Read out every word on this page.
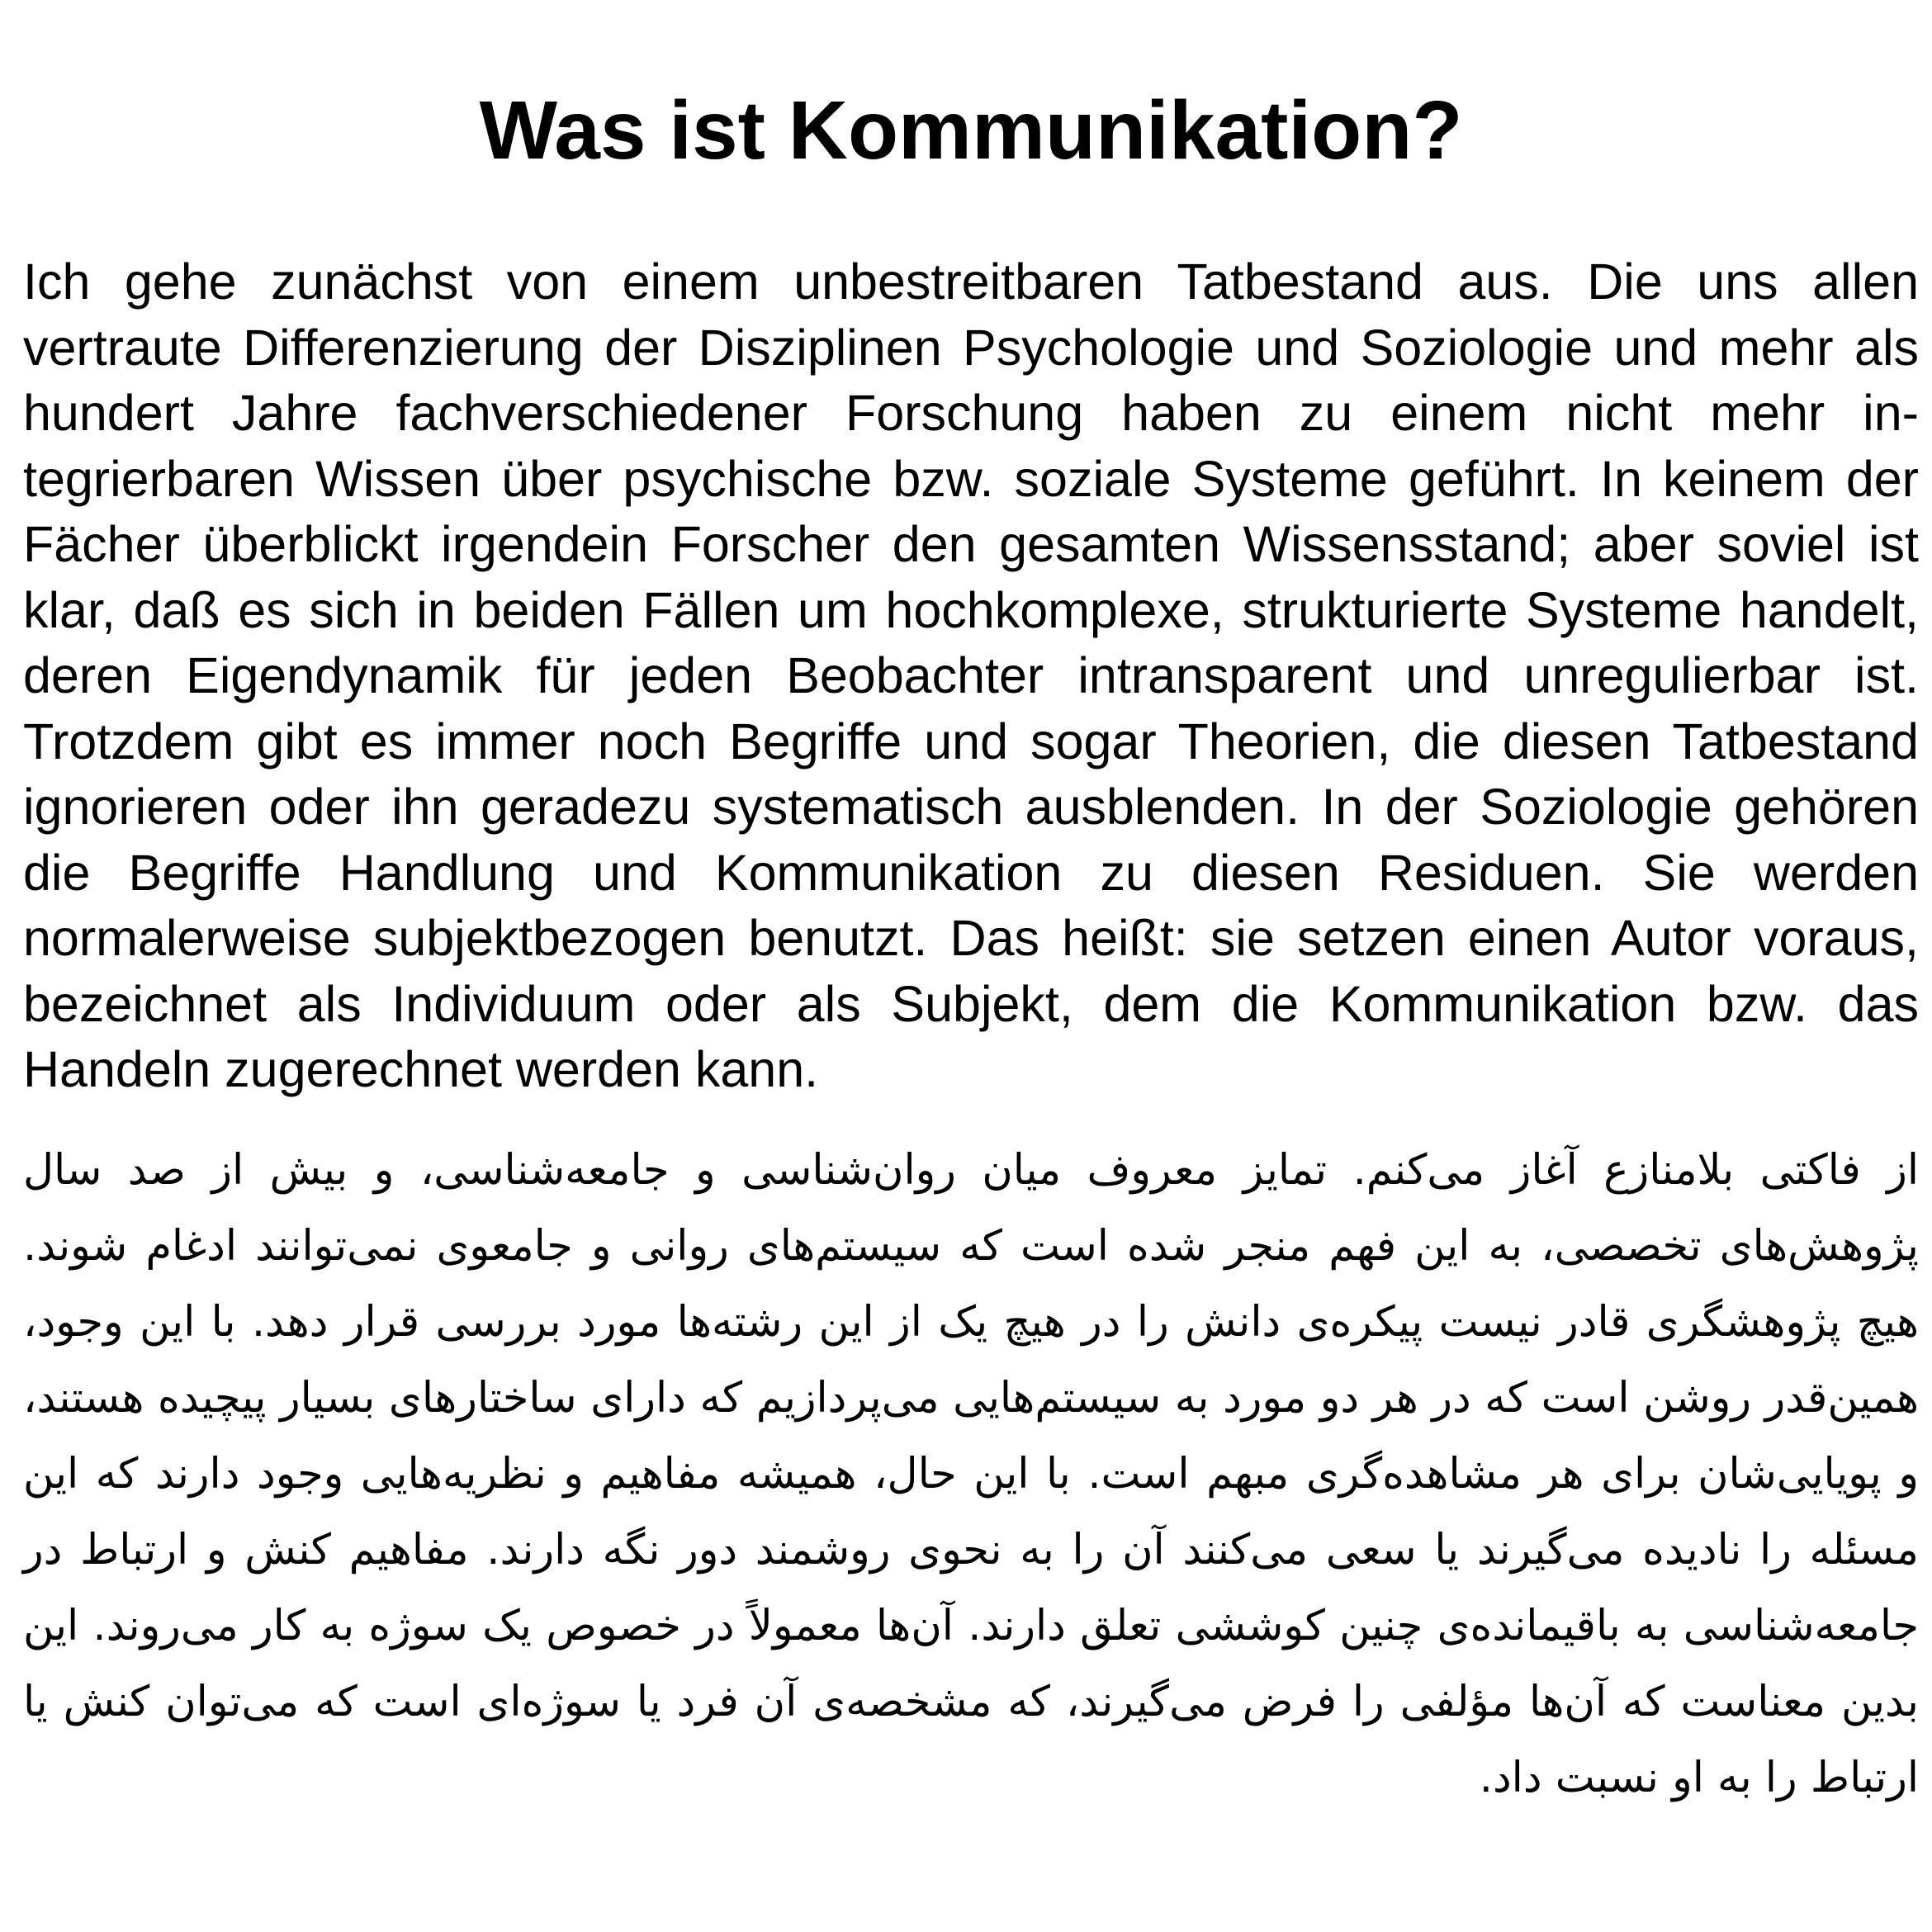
Was ist Kommunikation?

Ich gehe zunächst von einem unbestreitbaren Tatbestand aus. Die uns allen vertraute Differenzierung der Disziplinen Psychologie und Soziologie und mehr als hundert Jahre fachverschiedener Forschung haben zu einem nicht mehr integrierbaren Wissen über psychische bzw. soziale Systeme geführt. In keinem der Fächer überblickt irgendein Forscher den gesamten Wissensstand; aber soviel ist klar, daß es sich in beiden Fällen um hochkomplexe, strukturierte Systeme handelt, deren Eigendynamik für jeden Beobachter intransparent und unregulierbar ist. Trotzdem gibt es immer noch Begriffe und sogar Theorien, die diesen Tatbestand ignorieren oder ihn geradezu systematisch ausblenden. In der Soziologie gehören die Begriffe Handlung und Kommunikation zu diesen Residuen. Sie werden normalerweise subjektbezogen benutzt. Das heißt: sie setzen einen Autor voraus, bezeichnet als Individuum oder als Subjekt, dem die Kommunikation bzw. das Handeln zugerechnet werden kann.

از فاکتی بلامنازع آغاز می‌کنم. تمایز معروف میان روان‌شناسی و جامعه‌شناسی، و بیش از صد سال پژوهش‌های تخصصی، به این فهم منجر شده است که سیستم‌های روانی و جامعوی نمی‌توانند ادغام شوند. هیچ پژوهشگری قادر نیست پیکره‌ی دانش را در هیچ یک از این رشته‌ها مورد بررسی قرار دهد. با این وجود، همین‌قدر روشن است که در هر دو مورد به سیستم‌هایی می‌پردازیم که دارای ساختارهای بسیار پیچیده هستند، و پویایی‌شان برای هر مشاهده‌گری مبهم است. با این حال، همیشه مفاهیم و نظریه‌هایی وجود دارند که این مسئله را نادیده می‌گیرند یا سعی می‌کنند آن را به نحوی روشمند دور نگه دارند. مفاهیم کنش و ارتباط در جامعه‌شناسی به باقیمانده‌ی چنین کوششی تعلق دارند. آن‌ها معمولاً در خصوص یک سوژه به کار می‌روند. این بدین معناست که آن‌ها مؤلفی را فرض می‌گیرند، که مشخصه‌ی آن فرد یا سوژه‌ای است که می‌توان کنش یا ارتباط را به او نسبت داد.
